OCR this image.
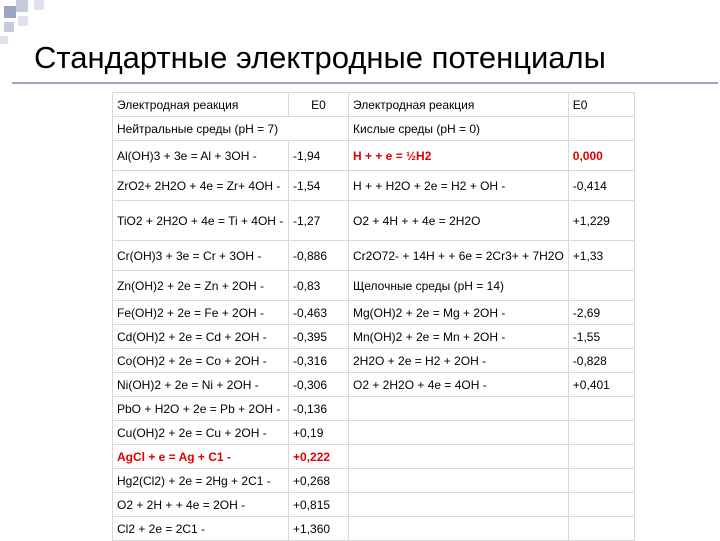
Стандартные электродные потенциалы
Электродная реакция	E0	Электродная реакция	E0
Нейтральные среды (pH = 7)		Кислые среды (pH = 0)	
Al(OH)3 + 3e = Al + 3OH -	-1,94	H + + e = ½H2	0,000
ZrO2+ 2H2O + 4e = Zr+ 4OH -	-1,54	H + + H2O + 2e = H2 + OH -	-0,414
TiO2 + 2H2O + 4e = Ti + 4OH -	-1,27	O2 + 4H + + 4e = 2H2O	+1,229
Cr(OH)3 + 3e = Cr + 3OH -	-0,886	Cr2O72- + 14H + + 6e = 2Cr3+ + 7H2O	+1,33
Zn(OH)2 + 2e = Zn + 2OH -	-0,83	Щелочные среды (pH = 14)	
Fe(OH)2 + 2e = Fe + 2OH -	-0,463	Mg(OH)2 + 2e = Mg + 2OH -	-2,69
Cd(OH)2 + 2e = Cd + 2OH -	-0,395	Mn(OH)2 + 2e = Mn + 2OH -	-1,55
Co(OH)2 + 2e = Co + 2OH -	-0,316	2H2O + 2e = H2 + 2OH -	-0,828
Ni(OH)2 + 2e = Ni + 2OH -	-0,306	O2 + 2H2O + 4e = 4OH -	+0,401
PbO + H2O + 2e = Pb + 2OH -	-0,136		
Cu(OH)2 + 2e = Cu + 2OH -	+0,19		
AgCl + e = Ag + C1 -	+0,222		
Hg2(Cl2) + 2e = 2Hg + 2C1 -	+0,268		
O2 + 2H + + 4e = 2OH -	+0,815		
Cl2 + 2e = 2C1 -	+1,360		
